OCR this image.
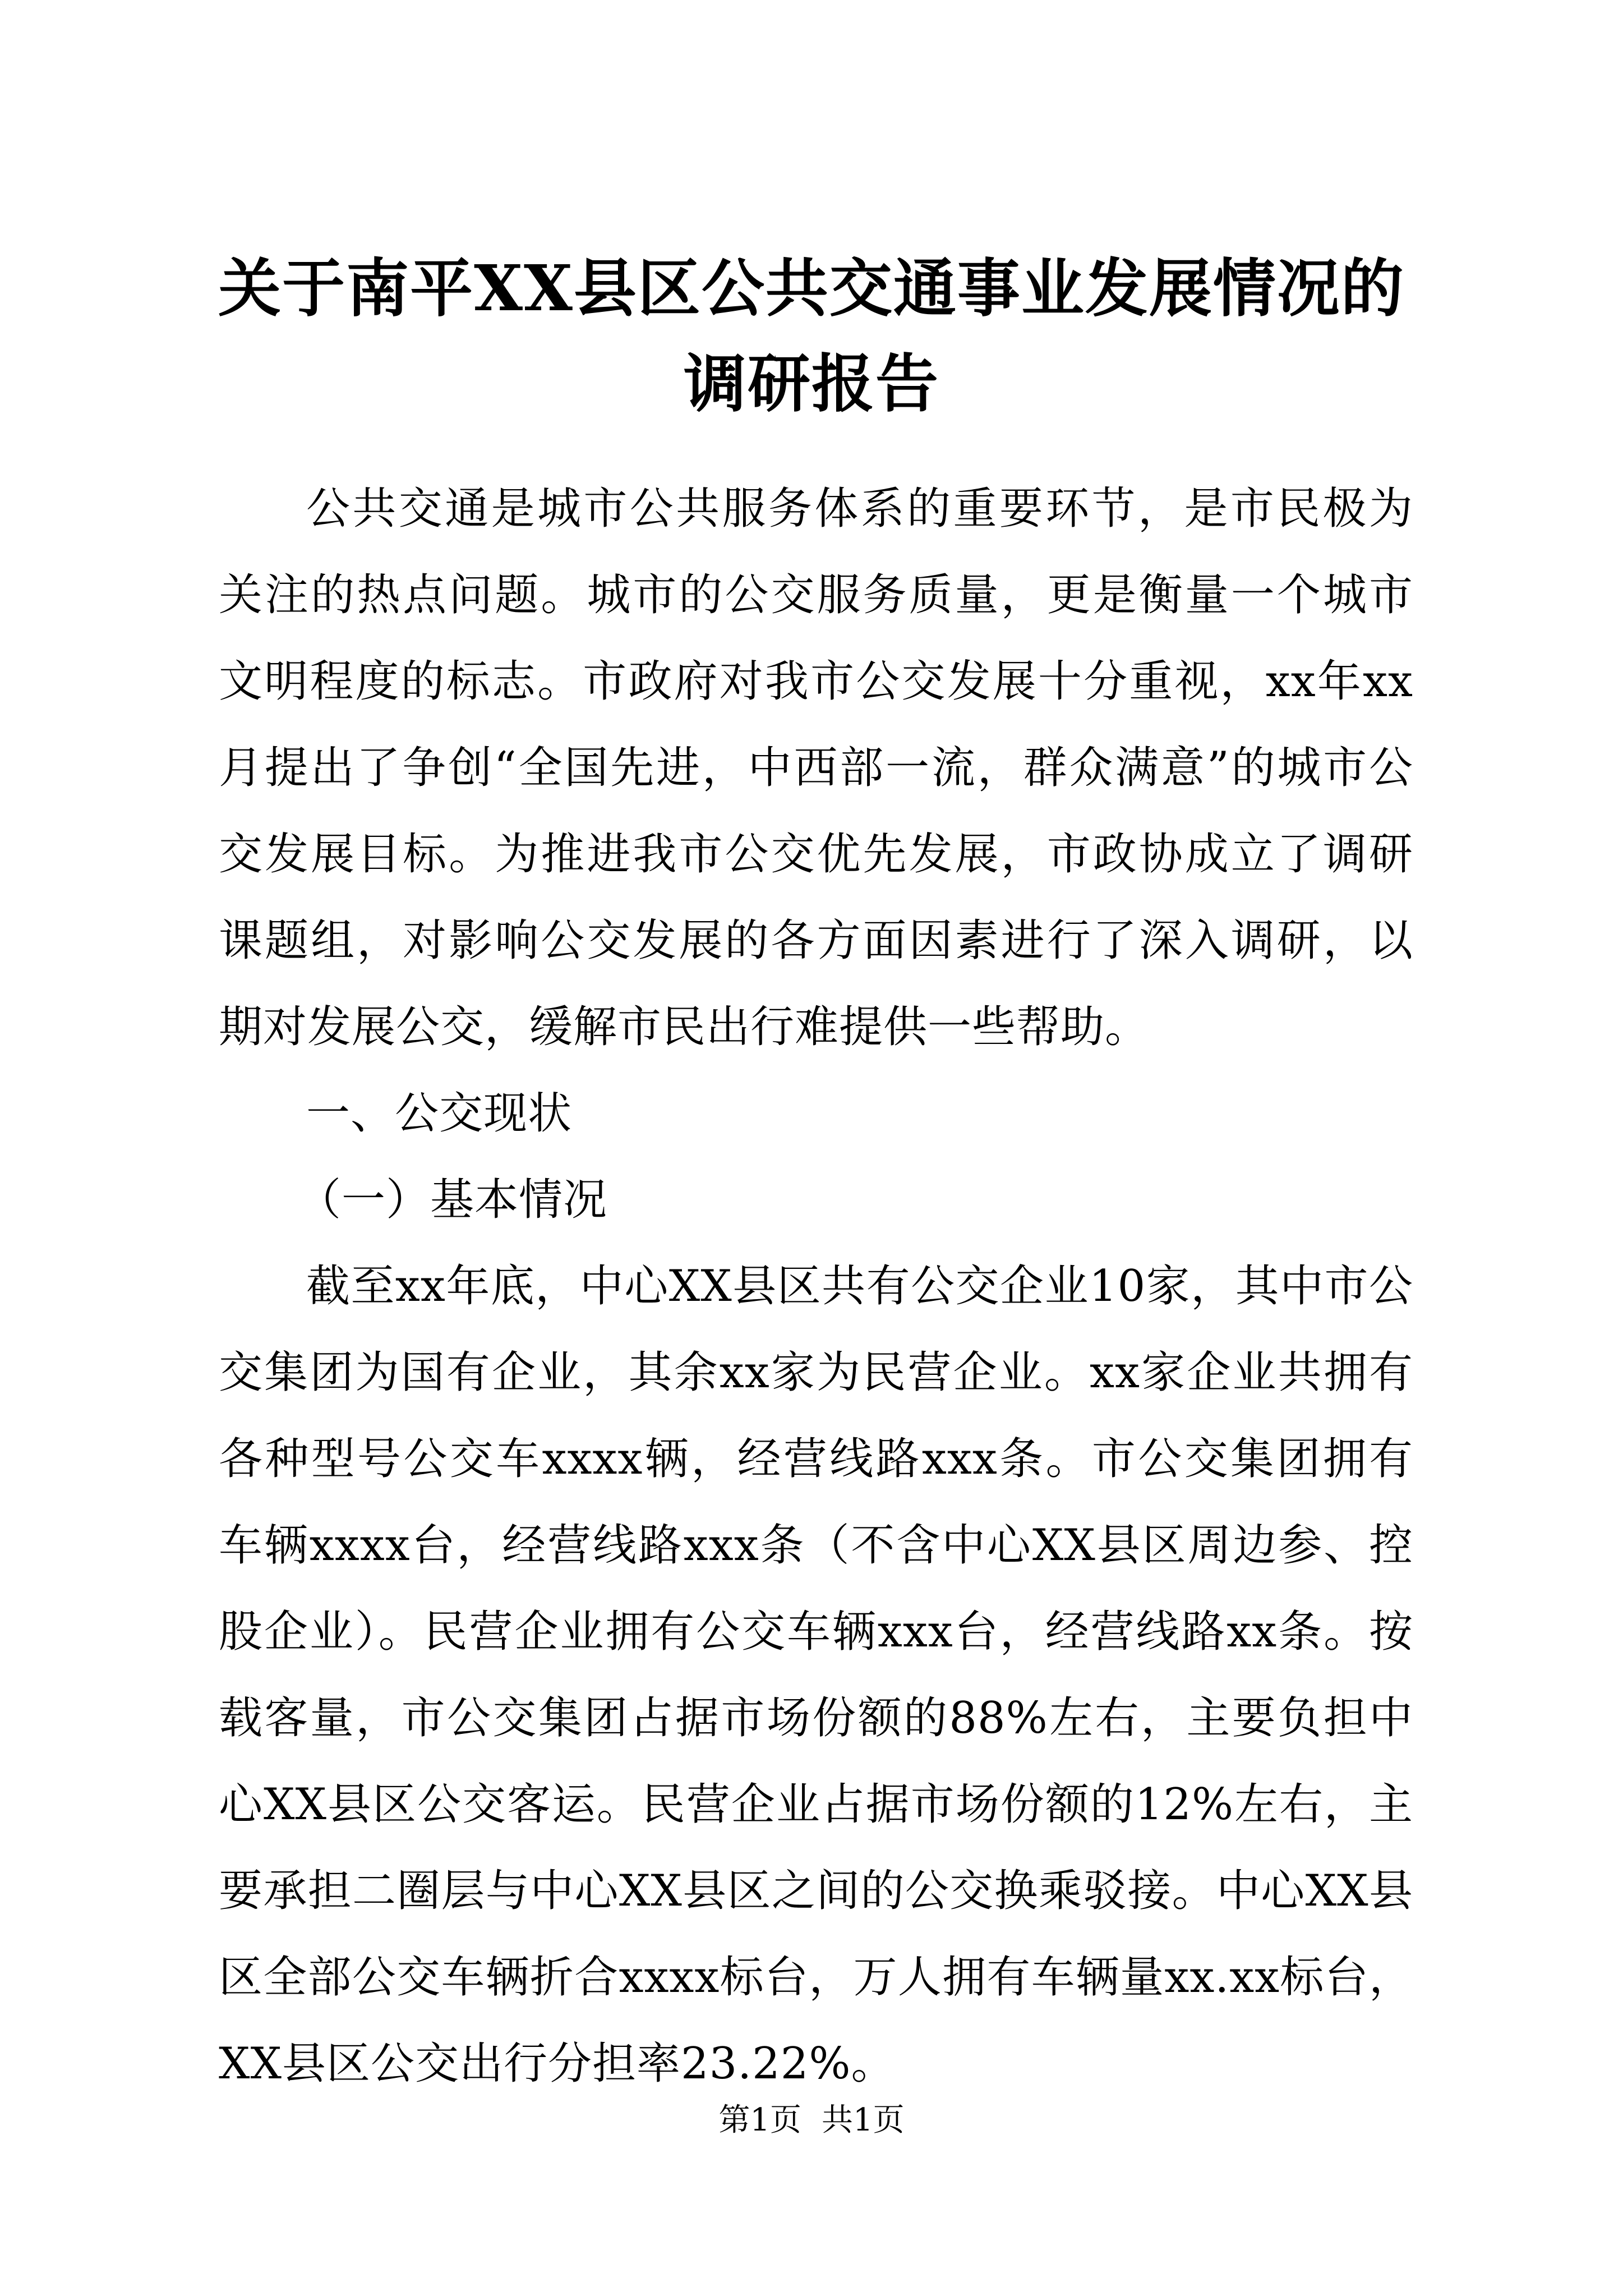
关于南平XX县区公共交通事业发展情况的调研报告

公共交通是城市公共服务体系的重要环节，是市民极为关注的热点问题。城市的公交服务质量，更是衡量一个城市文明程度的标志。市政府对我市公交发展十分重视，xx年xx月提出了争创“全国先进，中西部一流，群众满意”的城市公交发展目标。为推进我市公交优先发展，市政协成立了调研课题组，对影响公交发展的各方面因素进行了深入调研，以期对发展公交，缓解市民出行难提供一些帮助。

一、公交现状

（一）基本情况

截至xx年底，中心XX县区共有公交企业10家，其中市公交集团为国有企业，其余xx家为民营企业。xx家企业共拥有各种型号公交车xxxx辆，经营线路xxx条。市公交集团拥有车辆xxxx台，经营线路xxx条（不含中心XX县区周边参、控股企业）。民营企业拥有公交车辆xxx台，经营线路xx条。按载客量，市公交集团占据市场份额的88%左右，主要负担中心XX县区公交客运。民营企业占据市场份额的12%左右，主要承担二圈层与中心XX县区之间的公交换乘驳接。中心XX县区全部公交车辆折合xxxx标台，万人拥有车辆量xx.xx标台，XX县区公交出行分担率23.22%。

第1页 共1页
